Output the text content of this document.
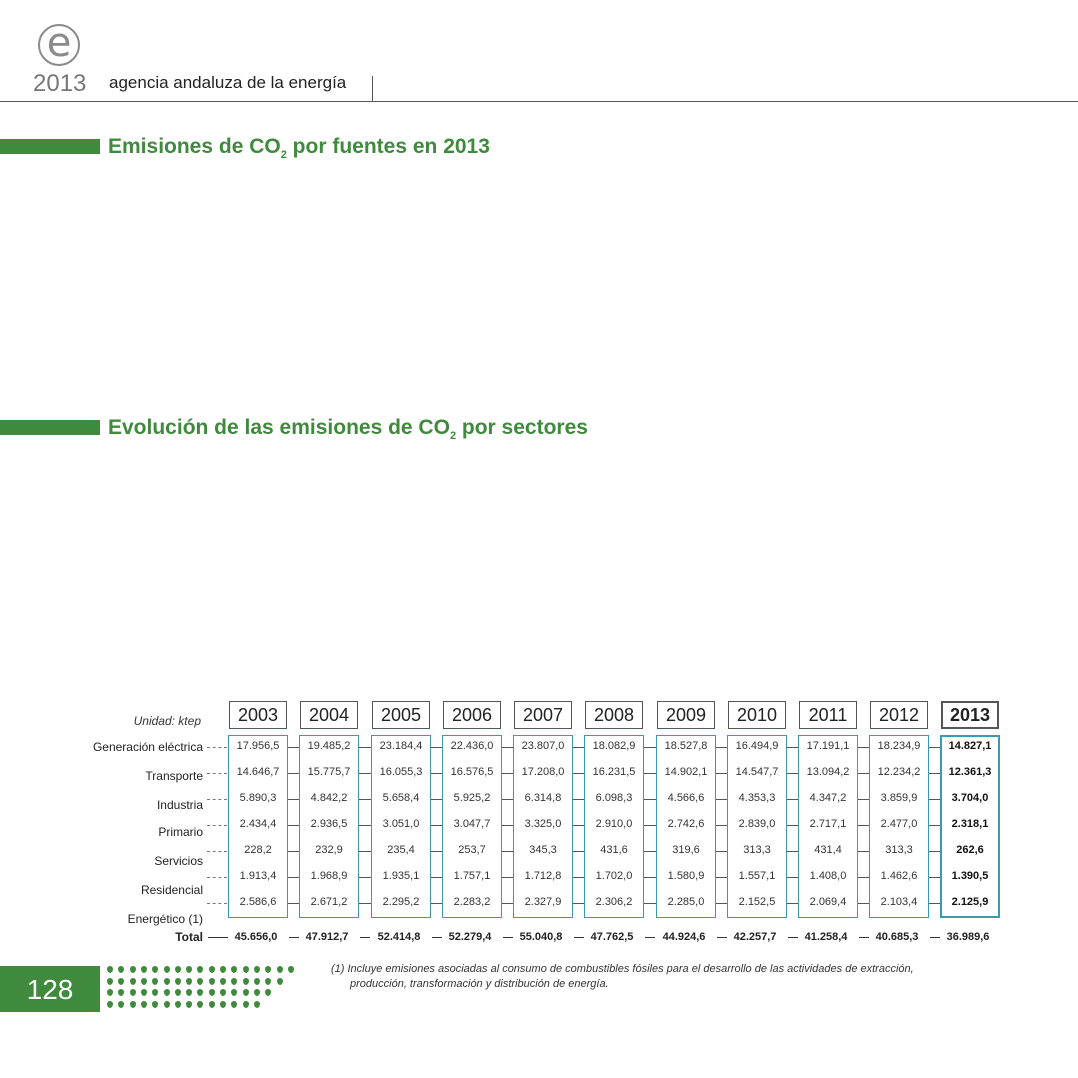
e
2013 agencia andaluza de la energía
Emisiones de $CO_2$ por fuentes en 2013
Evolución de las emisiones de $CO_2$ por sectores
Unidad: ktep
Generación eléctrica
Transporte
Industria
Primario
Servicios
Residencial
Energético (1)
Total
2003
17.956,5
14.646,7
5.890,3
2.434,4
228,2
1.913,4
2.586,6
45.656,0
2004
19.485,2
15.775,7
4.842,2
2.936,5
232,9
1.968,9
2.671,2
47.912,7
2005
23.184,4
16.055,3
5.658,4
3.051,0
235,4
1.935,1
2.295,2
52.414,8
2006
22.436,0
16.576,5
5.925,2
3.047,7
253,7
1.757,1
2.283,2
52.279,4
2007
23.807,0
17.208,0
6.314,8
3.325,0
345,3
1.712,8
2.327,9
55.040,8
2008
18.082,9
16.231,5
6.098,3
2.910,0
431,6
1.702,0
2.306,2
47.762,5
2009
18.527,8
14.902,1
4.566,6
2.742,6
319,6
1.580,9
2.285,0
44.924,6
2010
16.494,9
14.547,7
4.353,3
2.839,0
313,3
1.557,1
2.152,5
42.257,7
2011
17.191,1
13.094,2
4.347,2
2.717,1
431,4
1.408,0
2.069,4
41.258,4
2012
18.234,9
12.234,2
3.859,9
2.477,0
313,3
1.462,6
2.103,4
40.685,3
2013
14.827,1
12.361,3
3.704,0
2.318,1
262,6
1.390,5
2.125,9
36.989,6
128
(1) Incluye emisiones asociadas al consumo de combustibles fósiles para el desarrollo de las actividades de extracción,
producción, transformación y distribución de energía.
